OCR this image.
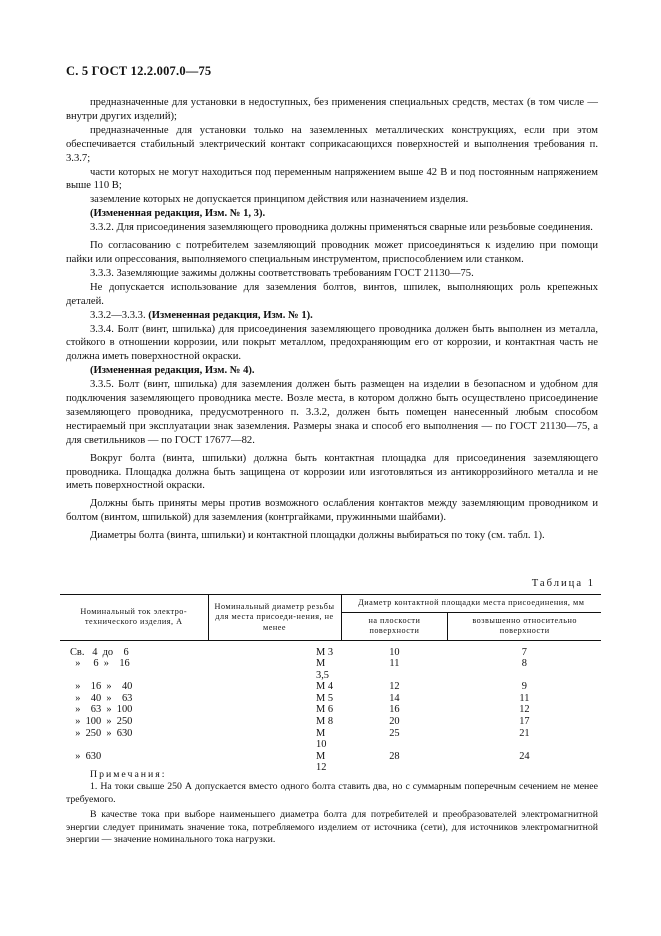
С. 5 ГОСТ 12.2.007.0—75

предназначенные для установки в недоступных, без применения специальных средств, местах (в том числе — внутри других изделий);

предназначенные для установки только на заземленных металлических конструкциях, если при этом обеспечивается стабильный электрический контакт соприкасающихся поверхностей и выполнения требования п. 3.3.7;

части которых не могут находиться под переменным напряжением выше 42 В и под постоянным напряжением выше 110 В;

заземление которых не допускается принципом действия или назначением изделия.

(Измененная редакция, Изм. № 1, 3).

3.3.2. Для присоединения заземляющего проводника должны применяться сварные или резьбовые соединения.

По согласованию с потребителем заземляющий проводник может присоединяться к изделию при помощи пайки или опрессования, выполняемого специальным инструментом, приспособлением или станком.

3.3.3. Заземляющие зажимы должны соответствовать требованиям ГОСТ 21130—75.

Не допускается использование для заземления болтов, винтов, шпилек, выполняющих роль крепежных деталей.

3.3.2—3.3.3. (Измененная редакция, Изм. № 1).

3.3.4. Болт (винт, шпилька) для присоединения заземляющего проводника должен быть выполнен из металла, стойкого в отношении коррозии, или покрыт металлом, предохраняющим его от коррозии, и контактная часть не должна иметь поверхностной окраски.

(Измененная редакция, Изм. № 4).

3.3.5. Болт (винт, шпилька) для заземления должен быть размещен на изделии в безопасном и удобном для подключения заземляющего проводника месте. Возле места, в котором должно быть осуществлено присоединение заземляющего проводника, предусмотренного п. 3.3.2, должен быть помещен нанесенный любым способом нестираемый при эксплуатации знак заземления. Размеры знака и способ его выполнения — по ГОСТ 21130—75, а для светильников — по ГОСТ 17677—82.

Вокруг болта (винта, шпильки) должна быть контактная площадка для присоединения заземляющего проводника. Площадка должна быть защищена от коррозии или изготовляться из антикоррозийного металла и не иметь поверхностной окраски.

Должны быть приняты меры против возможного ослабления контактов между заземляющим проводником и болтом (винтом, шпилькой) для заземления (контргайками, пружинными шайбами).

Диаметры болта (винта, шпильки) и контактной площадки должны выбираться по току (см. табл. 1).

Таблица 1
Номинальный ток электро-технического изделия, А	Номинальный диаметр резьбы для места присоеди-нения, не менее	Диаметр контактной площадки места присоединения, мм	
		на плоскости поверхности	возвышенно относительно поверхности
Св.   4  до    6	М 3	10	7
»     6  »    16	М 3,5	11	8
»    16  »    40	М 4	12	9
»    40  »    63	М 5	14	11
»    63  »  100	М 6	16	12
»  100  »  250	М 8	20	17
»  250  »  630	М 10	25	21
»  630	М 12	28	24

Примечания:

1. На токи свыше 250 А допускается вместо одного болта ставить два, но с суммарным поперечным сечением не менее требуемого.

В качестве тока при выборе наименьшего диаметра болта для потребителей и преобразователей электромагнитной энергии следует принимать значение тока, потребляемого изделием от источника (сети), для источников электромагнитной энергии — значение номинального тока нагрузки.
